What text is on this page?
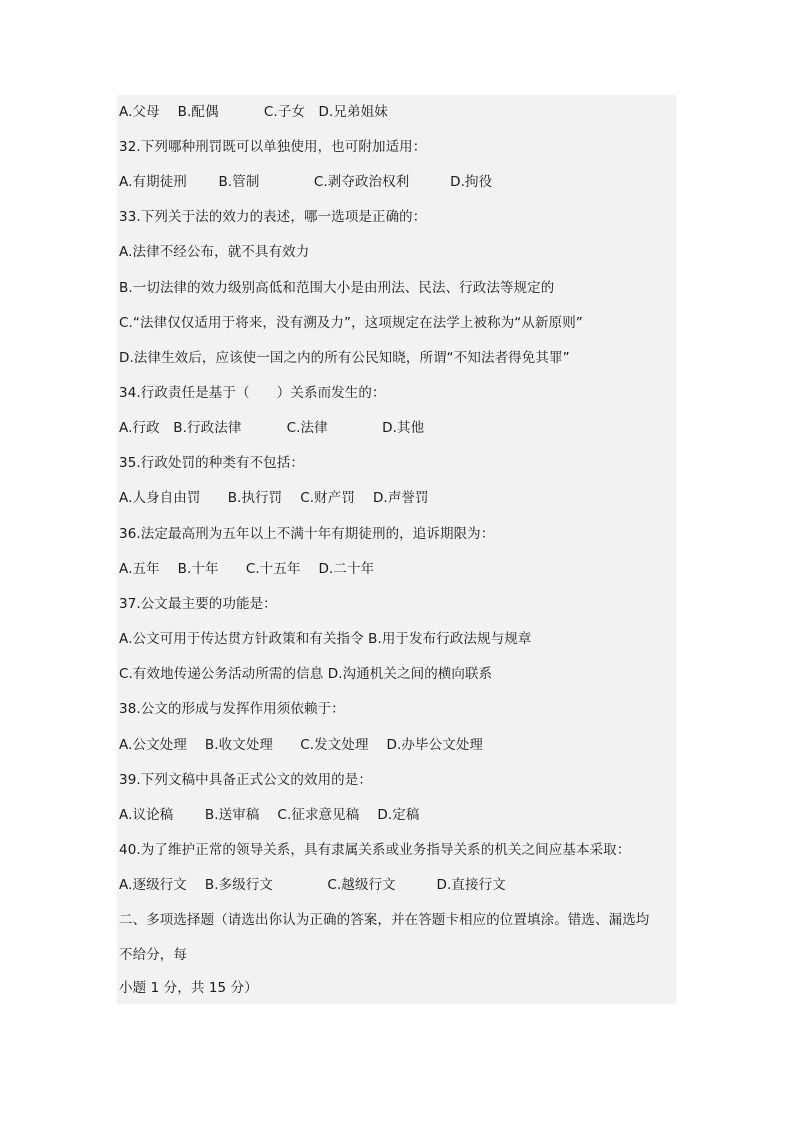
A.父母　 B.配偶　　　 C.子女　D.兄弟姐妹
32.下列哪种刑罚既可以单独使用，也可附加适用：
A.有期徒刑　　 B.管制　　　　C.剥夺政治权利　　　D.拘役
33.下列关于法的效力的表述，哪一选项是正确的：
A.法律不经公布，就不具有效力
B.一切法律的效力级别高低和范围大小是由刑法、民法、行政法等规定的
C.“法律仅仅适用于将来，没有溯及力”，这项规定在法学上被称为“从新原则”
D.法律生效后，应该使一国之内的所有公民知晓，所谓“不知法者得免其罪”
34.行政责任是基于（　　）关系而发生的：
A.行政　B.行政法律　　　 C.法律　　　　D.其他
35.行政处罚的种类有不包括：
A.人身自由罚　　B.执行罚　 C.财产罚　 D.声誉罚
36.法定最高刑为五年以上不满十年有期徒刑的，追诉期限为：
A.五年　 B.十年　　C.十五年　 D.二十年
37.公文最主要的功能是：
A.公文可用于传达贯方针政策和有关指令 B.用于发布行政法规与规章
C.有效地传递公务活动所需的信息 D.沟通机关之间的横向联系
38.公文的形成与发挥作用须依赖于：
A.公文处理　 B.收文处理　　C.发文处理　 D.办毕公文处理
39.下列文稿中具备正式公文的效用的是：
A.议论稿　　 B.送审稿　 C.征求意见稿　 D.定稿
40.为了维护正常的领导关系，具有隶属关系或业务指导关系的机关之间应基本采取：
A.逐级行文　 B.多级行文　　　　C.越级行文　　　D.直接行文
二、多项选择题（请选出你认为正确的答案，并在答题卡相应的位置填涂。错选、漏选均
不给分，每
小题 1 分，共 15 分）
